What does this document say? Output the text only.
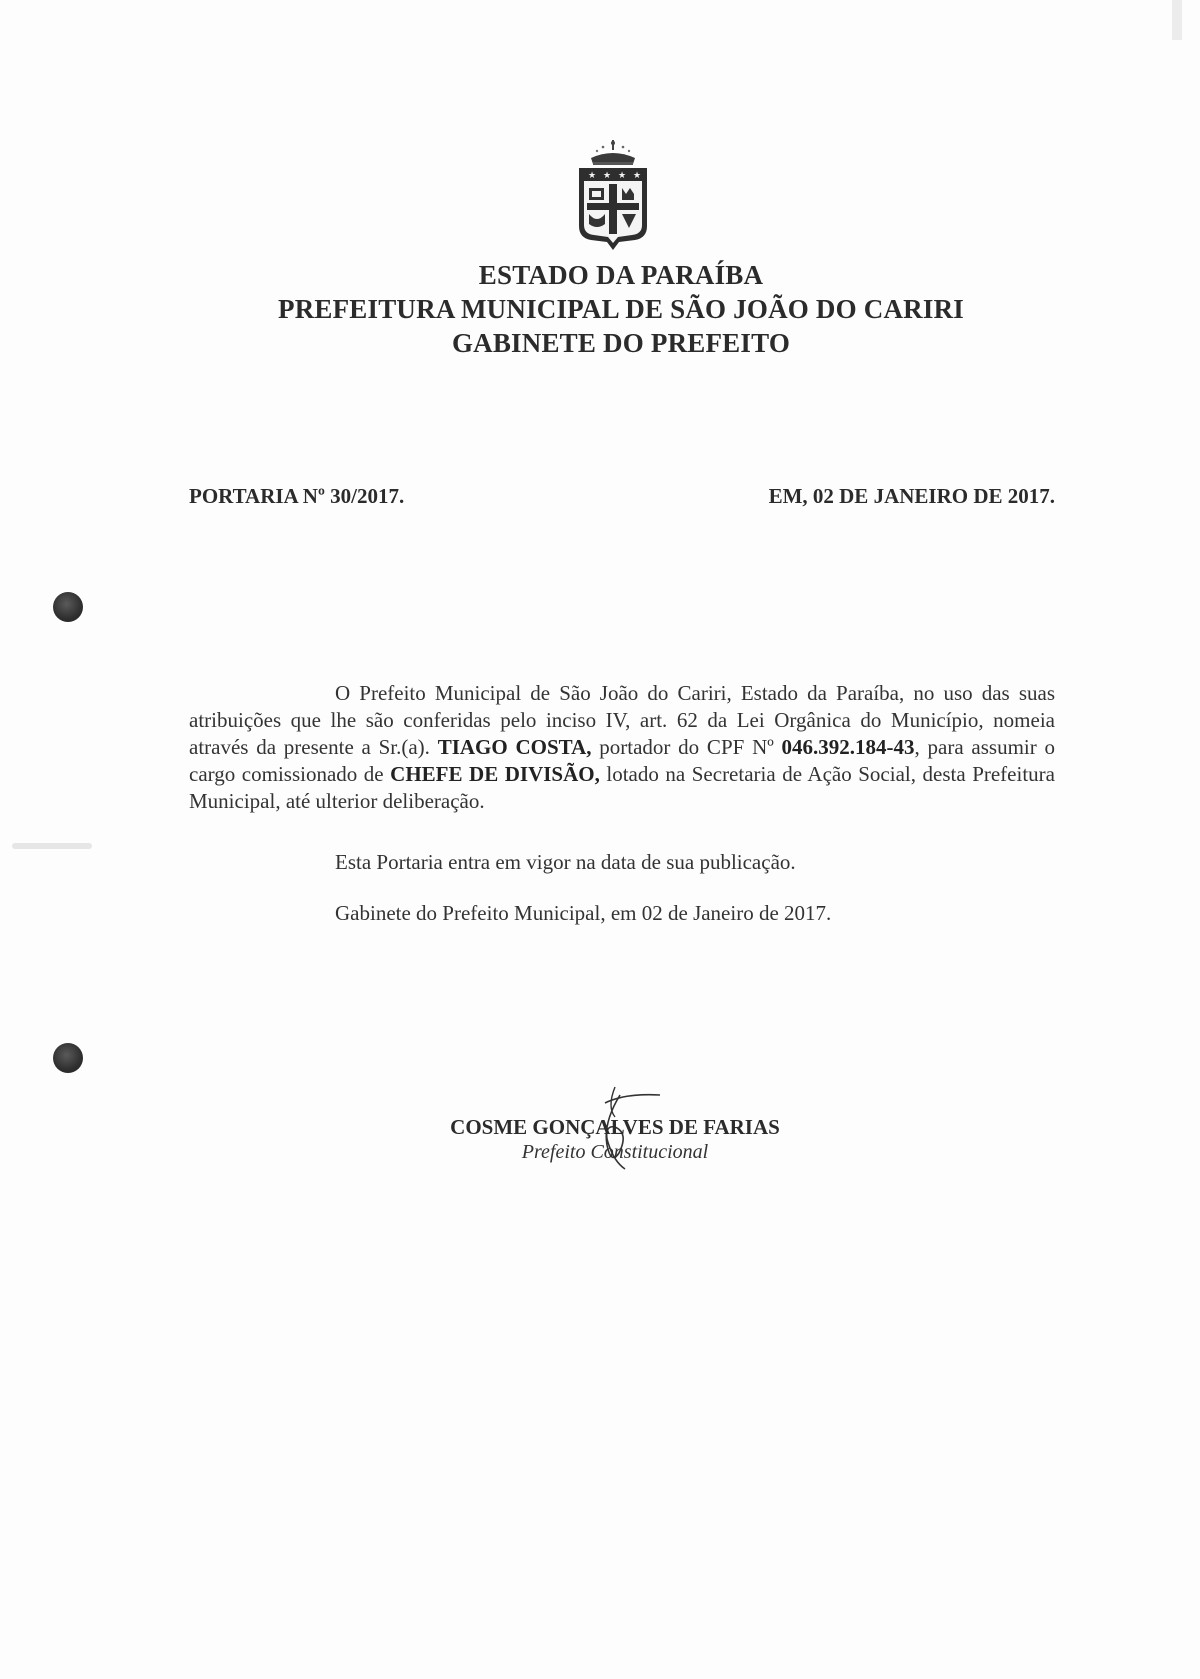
★ ★ ★ ★
ESTADO DA PARAÍBA
PREFEITURA MUNICIPAL DE SÃO JOÃO DO CARIRI
GABINETE DO PREFEITO
PORTARIA Nº 30/2017.	EM, 02 DE JANEIRO DE 2017.

O Prefeito Municipal de São João do Cariri, Estado da Paraíba, no uso das suas atribuições que lhe são conferidas pelo inciso IV, art. 62 da Lei Orgânica do Município, nomeia através da presente a Sr.(a). TIAGO COSTA, portador do CPF Nº 046.392.184-43, para assumir o cargo comissionado de CHEFE DE DIVISÃO, lotado na Secretaria de Ação Social, desta Prefeitura Municipal, até ulterior deliberação.

Esta Portaria entra em vigor na data de sua publicação.
Gabinete do Prefeito Municipal, em 02 de Janeiro de 2017.
COSME GONÇALVES DE FARIAS
Prefeito Constitucional
